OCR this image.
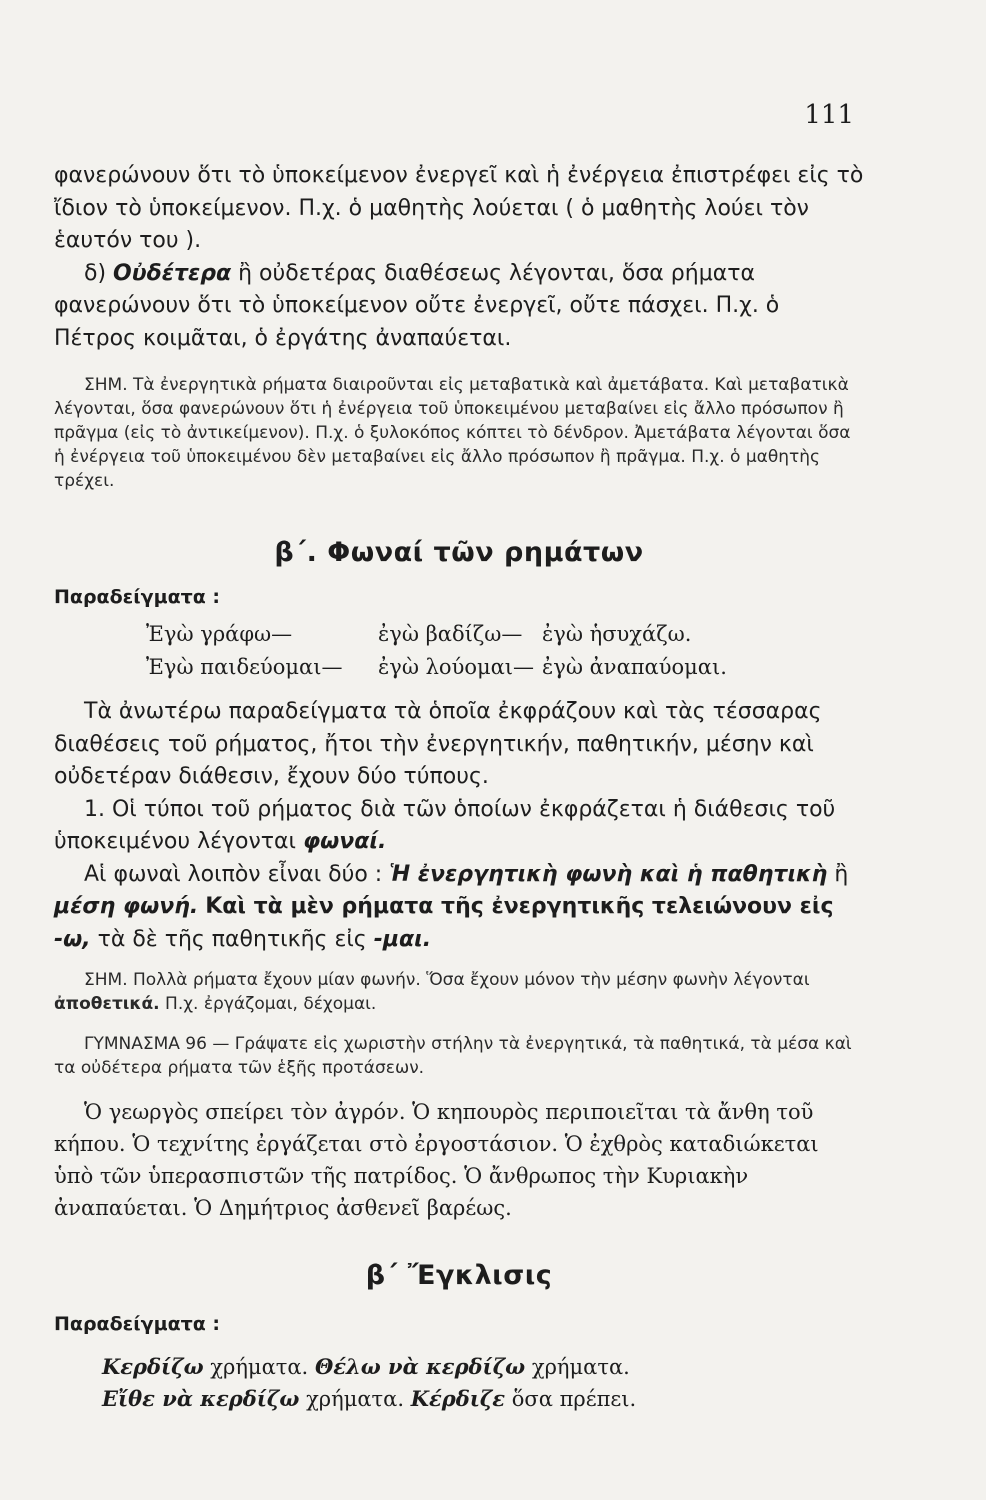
111

φανερώνουν ὅτι τὸ ὑποκείμενον ἐνεργεῖ καὶ ἡ ἐνέργεια ἐπιστρέφει εἰς τὸ ἴδιον τὸ ὑποκείμενον. Π.χ. ὁ μαθητὴς λούεται ( ὁ μαθητὴς λούει τὸν ἑαυτόν του ).

δ) Οὐδέτερα ἢ οὐδετέρας διαθέσεως λέγονται, ὅσα ρήματα φανερώνουν ὅτι τὸ ὑποκείμενον οὔτε ἐνεργεῖ, οὔτε πάσχει. Π.χ. ὁ Πέτρος κοιμᾶται, ὁ ἐργάτης ἀναπαύεται.

ΣΗΜ. Τὰ ἐνεργητικὰ ρήματα διαιροῦνται εἰς μεταβατικὰ καὶ ἀμετάβατα. Καὶ μεταβατικὰ λέγονται, ὅσα φανερώνουν ὅτι ἡ ἐνέργεια τοῦ ὑποκειμένου μεταβαίνει εἰς ἄλλο πρόσωπον ἢ πρᾶγμα (εἰς τὸ ἀντικείμενον). Π.χ. ὁ ξυλοκόπος κόπτει τὸ δένδρον. Ἀμετάβατα λέγονται ὅσα ἡ ἐνέργεια τοῦ ὑποκειμένου δὲν μεταβαίνει εἰς ἄλλο πρόσωπον ἢ πρᾶγμα. Π.χ. ὁ μαθητὴς τρέχει.

β΄. Φωναί τῶν ρημάτων
Παραδείγματα :
Ἐγὼ γράφω—	ἐγὼ βαδίζω— ἐγὼ ἡσυχάζω.
Ἐγὼ παιδεύομαι—	ἐγὼ λούομαι— ἐγὼ ἀναπαύομαι.

Τὰ ἀνωτέρω παραδείγματα τὰ ὁποῖα ἐκφράζουν καὶ τὰς τέσσαρας διαθέσεις τοῦ ρήματος, ἤτοι τὴν ἐνεργητικήν, παθητικήν, μέσην καὶ οὐδετέραν διάθεσιν, ἔχουν δύο τύπους.

1. Οἱ τύποι τοῦ ρήματος διὰ τῶν ὁποίων ἐκφράζεται ἡ διάθεσις τοῦ ὑποκειμένου λέγονται φωναί.

Αἱ φωναὶ λοιπὸν εἶναι δύο : Ἡ ἐνεργητικὴ φωνὴ καὶ ἡ παθητικὴ ἢ μέση φωνή. Καὶ τὰ μὲν ρήματα τῆς ἐνεργητικῆς τελειώνουν εἰς -ω, τὰ δὲ τῆς παθητικῆς εἰς -μαι.

ΣΗΜ. Πολλὰ ρήματα ἔχουν μίαν φωνήν. Ὅσα ἔχουν μόνον τὴν μέσην φωνὴν λέγονται ἀποθετικά. Π.χ. ἐργάζομαι, δέχομαι.

ΓΥΜΝΑΣΜΑ 96 — Γράψατε εἰς χωριστὴν στήλην τὰ ἐνεργητικά, τὰ παθητικά, τὰ μέσα καὶ τα οὐδέτερα ρήματα τῶν ἑξῆς προτάσεων.

Ὁ γεωργὸς σπείρει τὸν ἀγρόν. Ὁ κηπουρὸς περιποιεῖται τὰ ἄνθη τοῦ κήπου. Ὁ τεχνίτης ἐργάζεται στὸ ἐργοστάσιον. Ὁ ἐχθρὸς καταδιώκεται ὑπὸ τῶν ὑπερασπιστῶν τῆς πατρίδος. Ὁ ἄνθρωπος τὴν Κυριακὴν ἀναπαύεται. Ὁ Δημήτριος ἀσθενεῖ βαρέως.

β΄ Ἔγκλισις
Παραδείγματα :
Κερδίζω χρήματα. Θέλω νὰ κερδίζω χρήματα.
Εἴθε νὰ κερδίζω χρήματα. Κέρδιζε ὅσα πρέπει.
